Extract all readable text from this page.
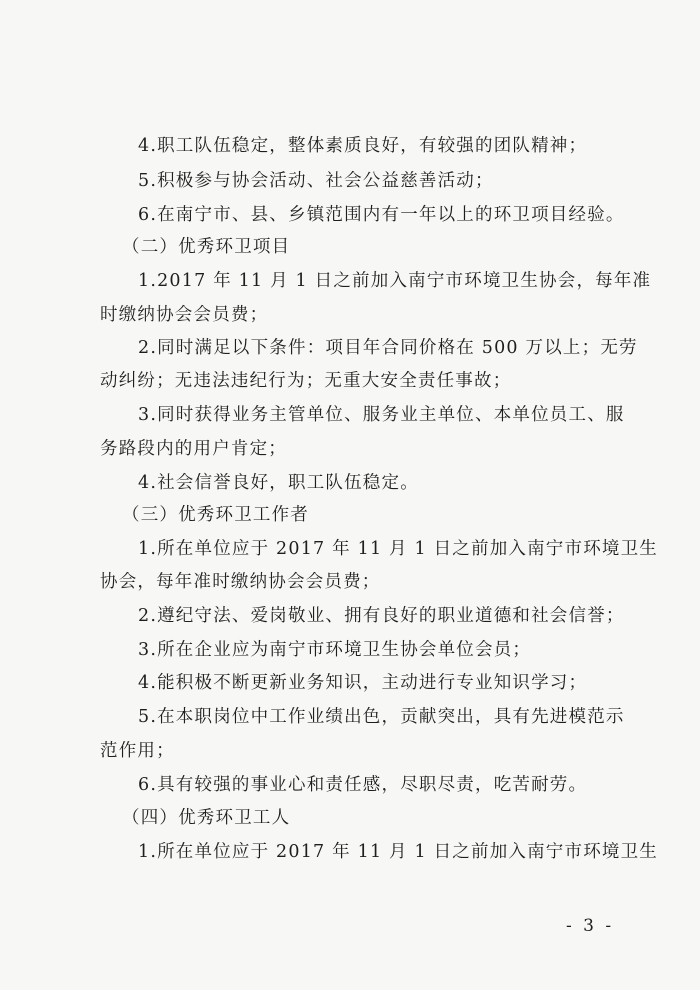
4.职工队伍稳定，整体素质良好，有较强的团队精神；
5.积极参与协会活动、社会公益慈善活动；
6.在南宁市、县、乡镇范围内有一年以上的环卫项目经验。
（二）优秀环卫项目
1.2017 年 11 月 1 日之前加入南宁市环境卫生协会，每年准
时缴纳协会会员费；
2.同时满足以下条件：项目年合同价格在 500 万以上；无劳
动纠纷；无违法违纪行为；无重大安全责任事故；
3.同时获得业务主管单位、服务业主单位、本单位员工、服
务路段内的用户肯定；
4.社会信誉良好，职工队伍稳定。
（三）优秀环卫工作者
1.所在单位应于 2017 年 11 月 1 日之前加入南宁市环境卫生
协会，每年准时缴纳协会会员费；
2.遵纪守法、爱岗敬业、拥有良好的职业道德和社会信誉；
3.所在企业应为南宁市环境卫生协会单位会员；
4.能积极不断更新业务知识，主动进行专业知识学习；
5.在本职岗位中工作业绩出色，贡献突出，具有先进模范示
范作用；
6.具有较强的事业心和责任感，尽职尽责，吃苦耐劳。
（四）优秀环卫工人
1.所在单位应于 2017 年 11 月 1 日之前加入南宁市环境卫生
- 3 -
